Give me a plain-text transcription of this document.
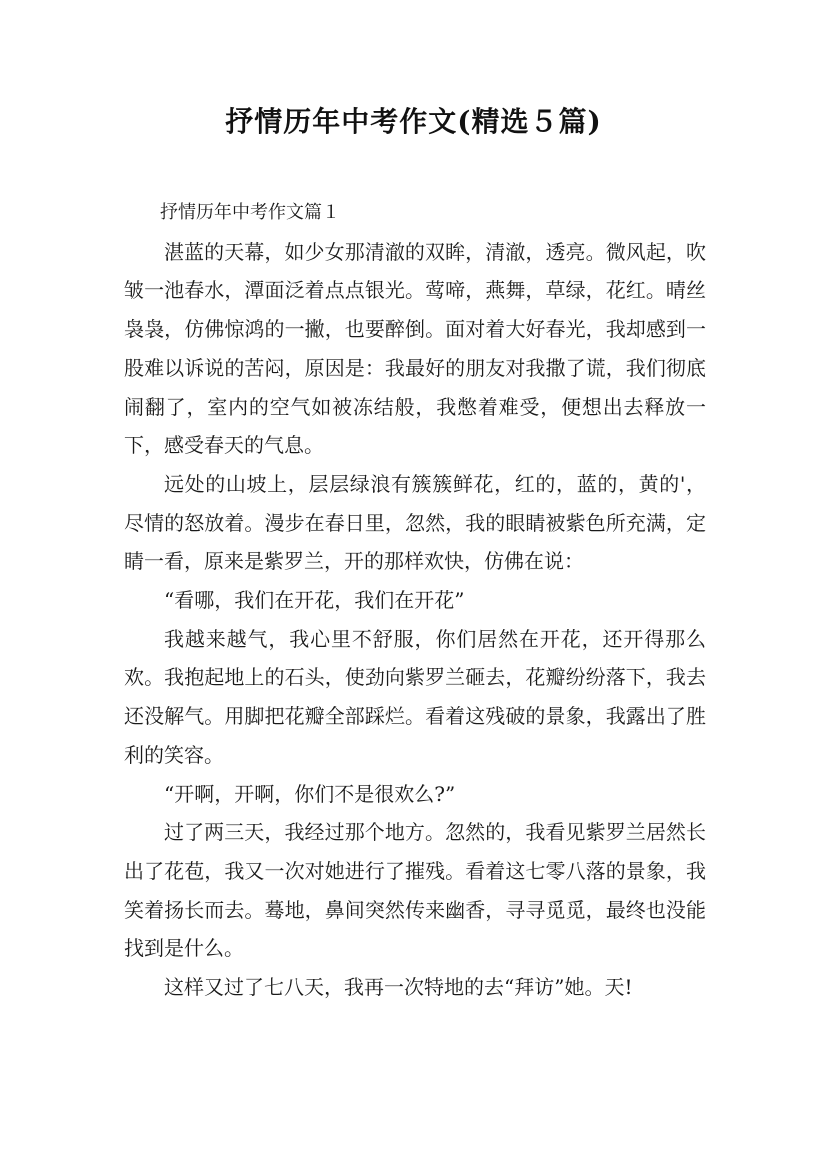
抒情历年中考作文(精选５篇)

抒情历年中考作文篇１

湛蓝的天幕，如少女那清澈的双眸，清澈，透亮。微风起，吹皱一池春水，潭面泛着点点银光。莺啼，燕舞，草绿，花红。晴丝袅袅，仿佛惊鸿的一撇，也要醉倒。面对着大好春光，我却感到一股难以诉说的苦闷，原因是：我最好的朋友对我撒了谎，我们彻底闹翻了，室内的空气如被冻结般，我憋着难受，便想出去释放一下，感受春天的气息。

远处的山坡上，层层绿浪有簇簇鲜花，红的，蓝的，黄的'，尽情的怒放着。漫步在春日里，忽然，我的眼睛被紫色所充满，定睛一看，原来是紫罗兰，开的那样欢快，仿佛在说：

“看哪，我们在开花，我们在开花”

我越来越气，我心里不舒服，你们居然在开花，还开得那么欢。我抱起地上的石头，使劲向紫罗兰砸去，花瓣纷纷落下，我去还没解气。用脚把花瓣全部踩烂。看着这残破的景象，我露出了胜利的笑容。

“开啊，开啊，你们不是很欢么?”

过了两三天，我经过那个地方。忽然的，我看见紫罗兰居然长出了花苞，我又一次对她进行了摧残。看着这七零八落的景象，我笑着扬长而去。蓦地，鼻间突然传来幽香，寻寻觅觅，最终也没能找到是什么。

这样又过了七八天，我再一次特地的去“拜访”她。天!
